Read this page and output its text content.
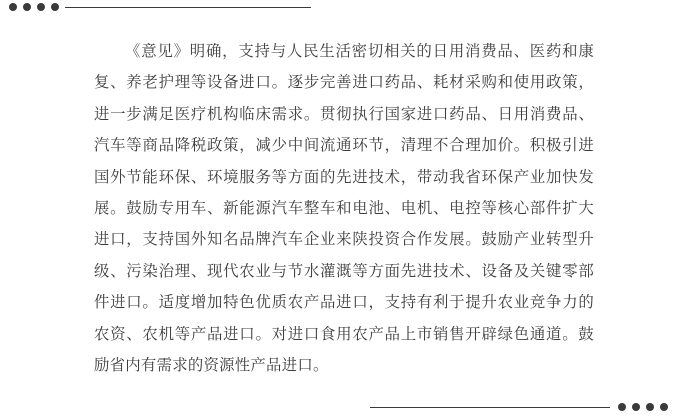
《意见》明确，支持与人民生活密切相关的日用消费品、医药和康复、养老护理等设备进口。逐步完善进口药品、耗材采购和使用政策，进一步满足医疗机构临床需求。贯彻执行国家进口药品、日用消费品、汽车等商品降税政策，减少中间流通环节，清理不合理加价。积极引进国外节能环保、环境服务等方面的先进技术，带动我省环保产业加快发展。鼓励专用车、新能源汽车整车和电池、电机、电控等核心部件扩大进口，支持国外知名品牌汽车企业来陕投资合作发展。鼓励产业转型升级、污染治理、现代农业与节水灌溉等方面先进技术、设备及关键零部件进口。适度增加特色优质农产品进口，支持有利于提升农业竞争力的农资、农机等产品进口。对进口食用农产品上市销售开辟绿色通道。鼓励省内有需求的资源性产品进口。
